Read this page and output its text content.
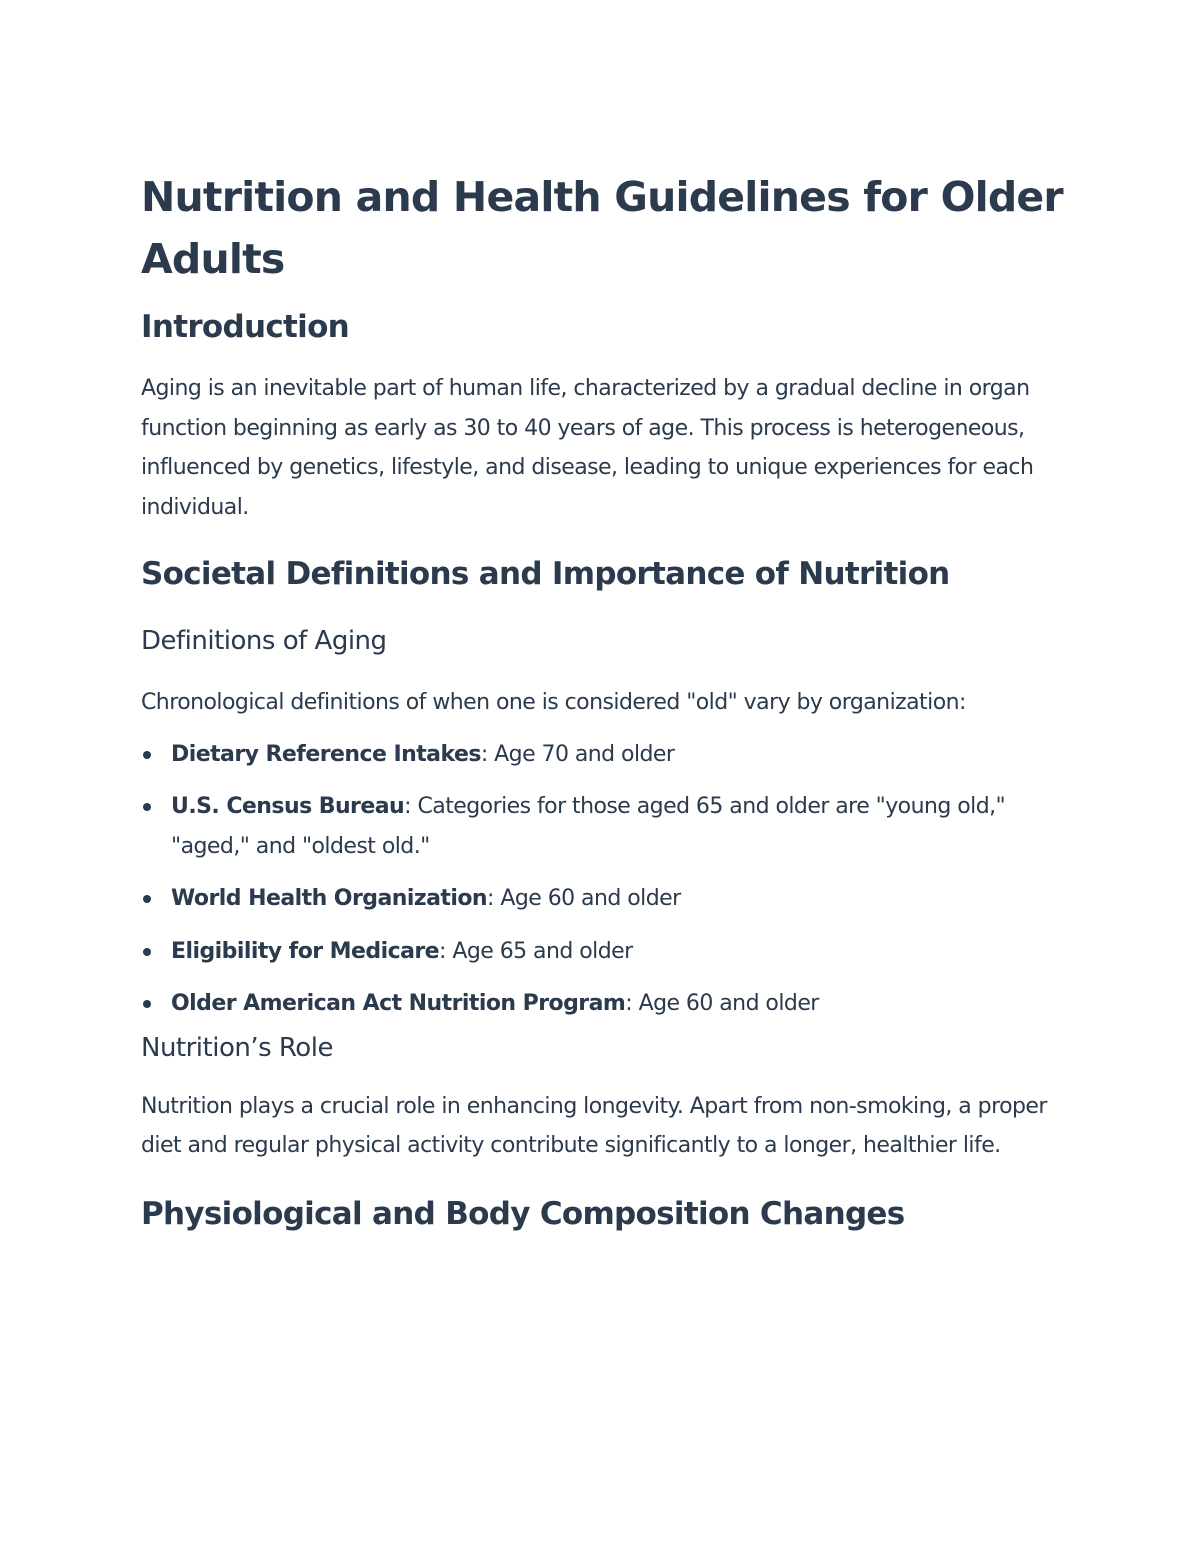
Nutrition and Health Guidelines for Older Adults
Introduction

Aging is an inevitable part of human life, characterized by a gradual decline in organ function beginning as early as 30 to 40 years of age. This process is heterogeneous, influenced by genetics, lifestyle, and disease, leading to unique experiences for each individual.

Societal Definitions and Importance of Nutrition
Definitions of Aging

Chronological definitions of when one is considered "old" vary by organization:

Dietary Reference Intakes: Age 70 and older
U.S. Census Bureau: Categories for those aged 65 and older are "young old," "aged," and "oldest old."
World Health Organization: Age 60 and older
Eligibility for Medicare: Age 65 and older
Older American Act Nutrition Program: Age 60 and older
Nutrition’s Role

Nutrition plays a crucial role in enhancing longevity. Apart from non-smoking, a proper diet and regular physical activity contribute significantly to a longer, healthier life.

Physiological and Body Composition Changes
